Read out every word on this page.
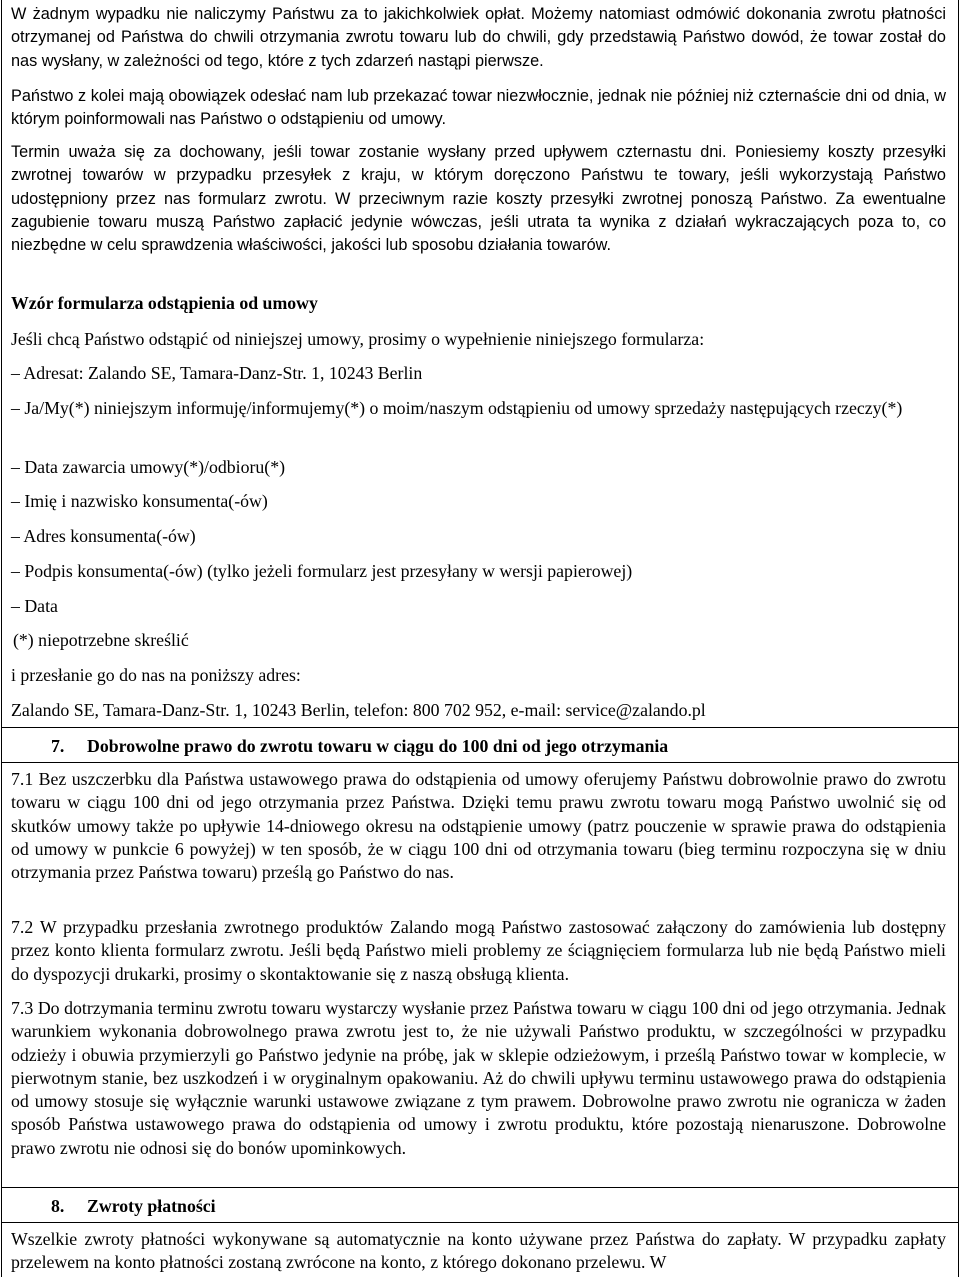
W żadnym wypadku nie naliczymy Państwu za to jakichkolwiek opłat. Możemy natomiast odmówić dokonania zwrotu płatności otrzymanej od Państwa do chwili otrzymania zwrotu towaru lub do chwili, gdy przedstawią Państwo dowód, że towar został do nas wysłany, w zależności od tego, które z tych zdarzeń nastąpi pierwsze.

Państwo z kolei mają obowiązek odesłać nam lub przekazać towar niezwłocznie, jednak nie później niż czternaście dni od dnia, w którym poinformowali nas Państwo o odstąpieniu od umowy.

Termin uważa się za dochowany, jeśli towar zostanie wysłany przed upływem czternastu dni. Poniesiemy koszty przesyłki zwrotnej towarów w przypadku przesyłek z kraju, w którym doręczono Państwu te towary, jeśli wykorzystają Państwo udostępniony przez nas formularz zwrotu. W przeciwnym razie koszty przesyłki zwrotnej ponoszą Państwo. Za ewentualne zagubienie towaru muszą Państwo zapłacić jedynie wówczas, jeśli utrata ta wynika z działań wykraczających poza to, co niezbędne w celu sprawdzenia właściwości, jakości lub sposobu działania towarów.

Wzór formularza odstąpienia od umowy
Jeśli chcą Państwo odstąpić od niniejszej umowy, prosimy o wypełnienie niniejszego formularza:
– Adresat: Zalando SE, Tamara-Danz-Str. 1, 10243 Berlin

– Ja/My(*) niniejszym informuję/informujemy(*) o moim/naszym odstąpieniu od umowy sprzedaży następujących rzeczy(*)

– Data zawarcia umowy(*)/odbioru(*)
– Imię i nazwisko konsumenta(-ów)
– Adres konsumenta(-ów)
– Podpis konsumenta(-ów) (tylko jeżeli formularz jest przesyłany w wersji papierowej)
– Data
(*) niepotrzebne skreślić
i przesłanie go do nas na poniższy adres:
Zalando SE, Tamara-Danz-Str. 1, 10243 Berlin, telefon: 800 702 952, e-mail: service@zalando.pl
7. Dobrowolne prawo do zwrotu towaru w ciągu do 100 dni od jego otrzymania

7.1 Bez uszczerbku dla Państwa ustawowego prawa do odstąpienia od umowy oferujemy Państwu dobrowolnie prawo do zwrotu towaru w ciągu 100 dni od jego otrzymania przez Państwa. Dzięki temu prawu zwrotu towaru mogą Państwo uwolnić się od skutków umowy także po upływie 14-dniowego okresu na odstąpienie umowy (patrz pouczenie w sprawie prawa do odstąpienia od umowy w punkcie 6 powyżej) w ten sposób, że w ciągu 100 dni od otrzymania towaru (bieg terminu rozpoczyna się w dniu otrzymania przez Państwa towaru) prześlą go Państwo do nas.

7.2 W przypadku przesłania zwrotnego produktów Zalando mogą Państwo zastosować załączony do zamówienia lub dostępny przez konto klienta formularz zwrotu. Jeśli będą Państwo mieli problemy ze ściągnięciem formularza lub nie będą Państwo mieli do dyspozycji drukarki, prosimy o skontaktowanie się z naszą obsługą klienta.

7.3 Do dotrzymania terminu zwrotu towaru wystarczy wysłanie przez Państwa towaru w ciągu 100 dni od jego otrzymania. Jednak warunkiem wykonania dobrowolnego prawa zwrotu jest to, że nie używali Państwo produktu, w szczególności w przypadku odzieży i obuwia przymierzyli go Państwo jedynie na próbę, jak w sklepie odzieżowym, i prześlą Państwo towar w komplecie, w pierwotnym stanie, bez uszkodzeń i w oryginalnym opakowaniu. Aż do chwili upływu terminu ustawowego prawa do odstąpienia od umowy stosuje się wyłącznie warunki ustawowe związane z tym prawem. Dobrowolne prawo zwrotu nie ogranicza w żaden sposób Państwa ustawowego prawa do odstąpienia od umowy i zwrotu produktu, które pozostają nienaruszone. Dobrowolne prawo zwrotu nie odnosi się do bonów upominkowych.

8. Zwroty płatności

Wszelkie zwroty płatności wykonywane są automatycznie na konto używane przez Państwa do zapłaty. W przypadku zapłaty przelewem na konto płatności zostaną zwrócone na konto, z którego dokonano przelewu. W
